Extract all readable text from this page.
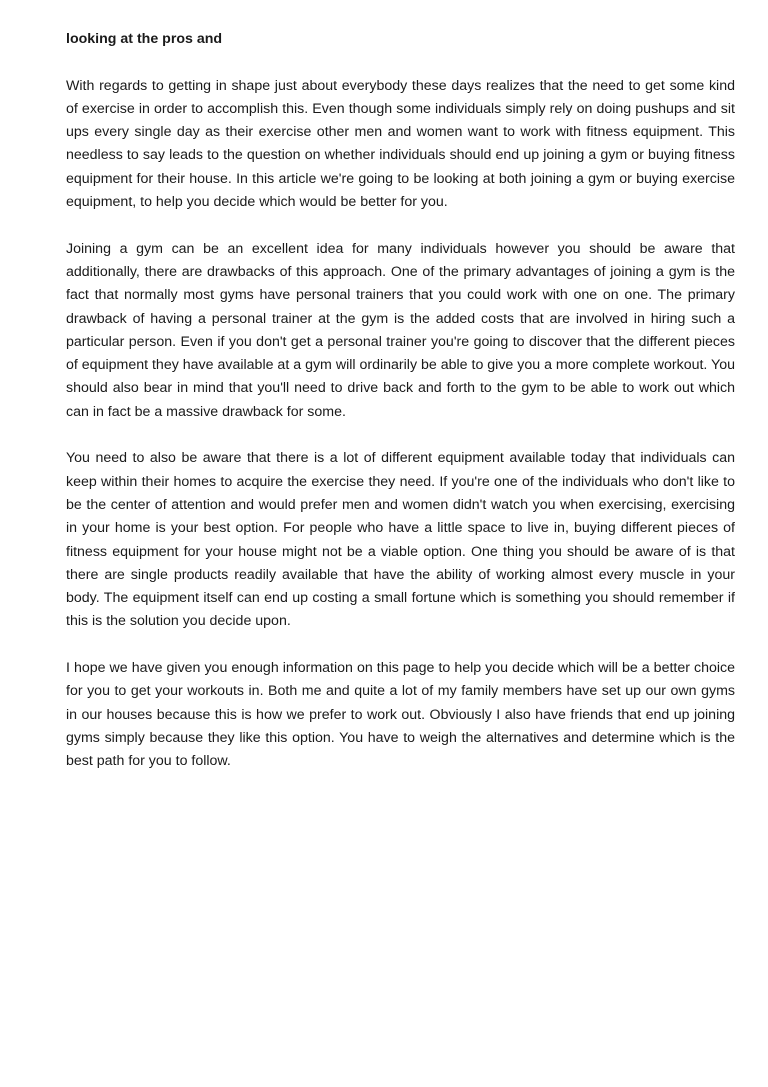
looking at the pros and

With regards to getting in shape just about everybody these days realizes that the need to get some kind of exercise in order to accomplish this. Even though some individuals simply rely on doing pushups and sit ups every single day as their exercise other men and women want to work with fitness equipment. This needless to say leads to the question on whether individuals should end up joining a gym or buying fitness equipment for their house. In this article we're going to be looking at both joining a gym or buying exercise equipment, to help you decide which would be better for you.

Joining a gym can be an excellent idea for many individuals however you should be aware that additionally, there are drawbacks of this approach. One of the primary advantages of joining a gym is the fact that normally most gyms have personal trainers that you could work with one on one. The primary drawback of having a personal trainer at the gym is the added costs that are involved in hiring such a particular person. Even if you don't get a personal trainer you're going to discover that the different pieces of equipment they have available at a gym will ordinarily be able to give you a more complete workout. You should also bear in mind that you'll need to drive back and forth to the gym to be able to work out which can in fact be a massive drawback for some.

You need to also be aware that there is a lot of different equipment available today that individuals can keep within their homes to acquire the exercise they need. If you're one of the individuals who don't like to be the center of attention and would prefer men and women didn't watch you when exercising, exercising in your home is your best option. For people who have a little space to live in, buying different pieces of fitness equipment for your house might not be a viable option. One thing you should be aware of is that there are single products readily available that have the ability of working almost every muscle in your body. The equipment itself can end up costing a small fortune which is something you should remember if this is the solution you decide upon.

I hope we have given you enough information on this page to help you decide which will be a better choice for you to get your workouts in. Both me and quite a lot of my family members have set up our own gyms in our houses because this is how we prefer to work out. Obviously I also have friends that end up joining gyms simply because they like this option. You have to weigh the alternatives and determine which is the best path for you to follow.
